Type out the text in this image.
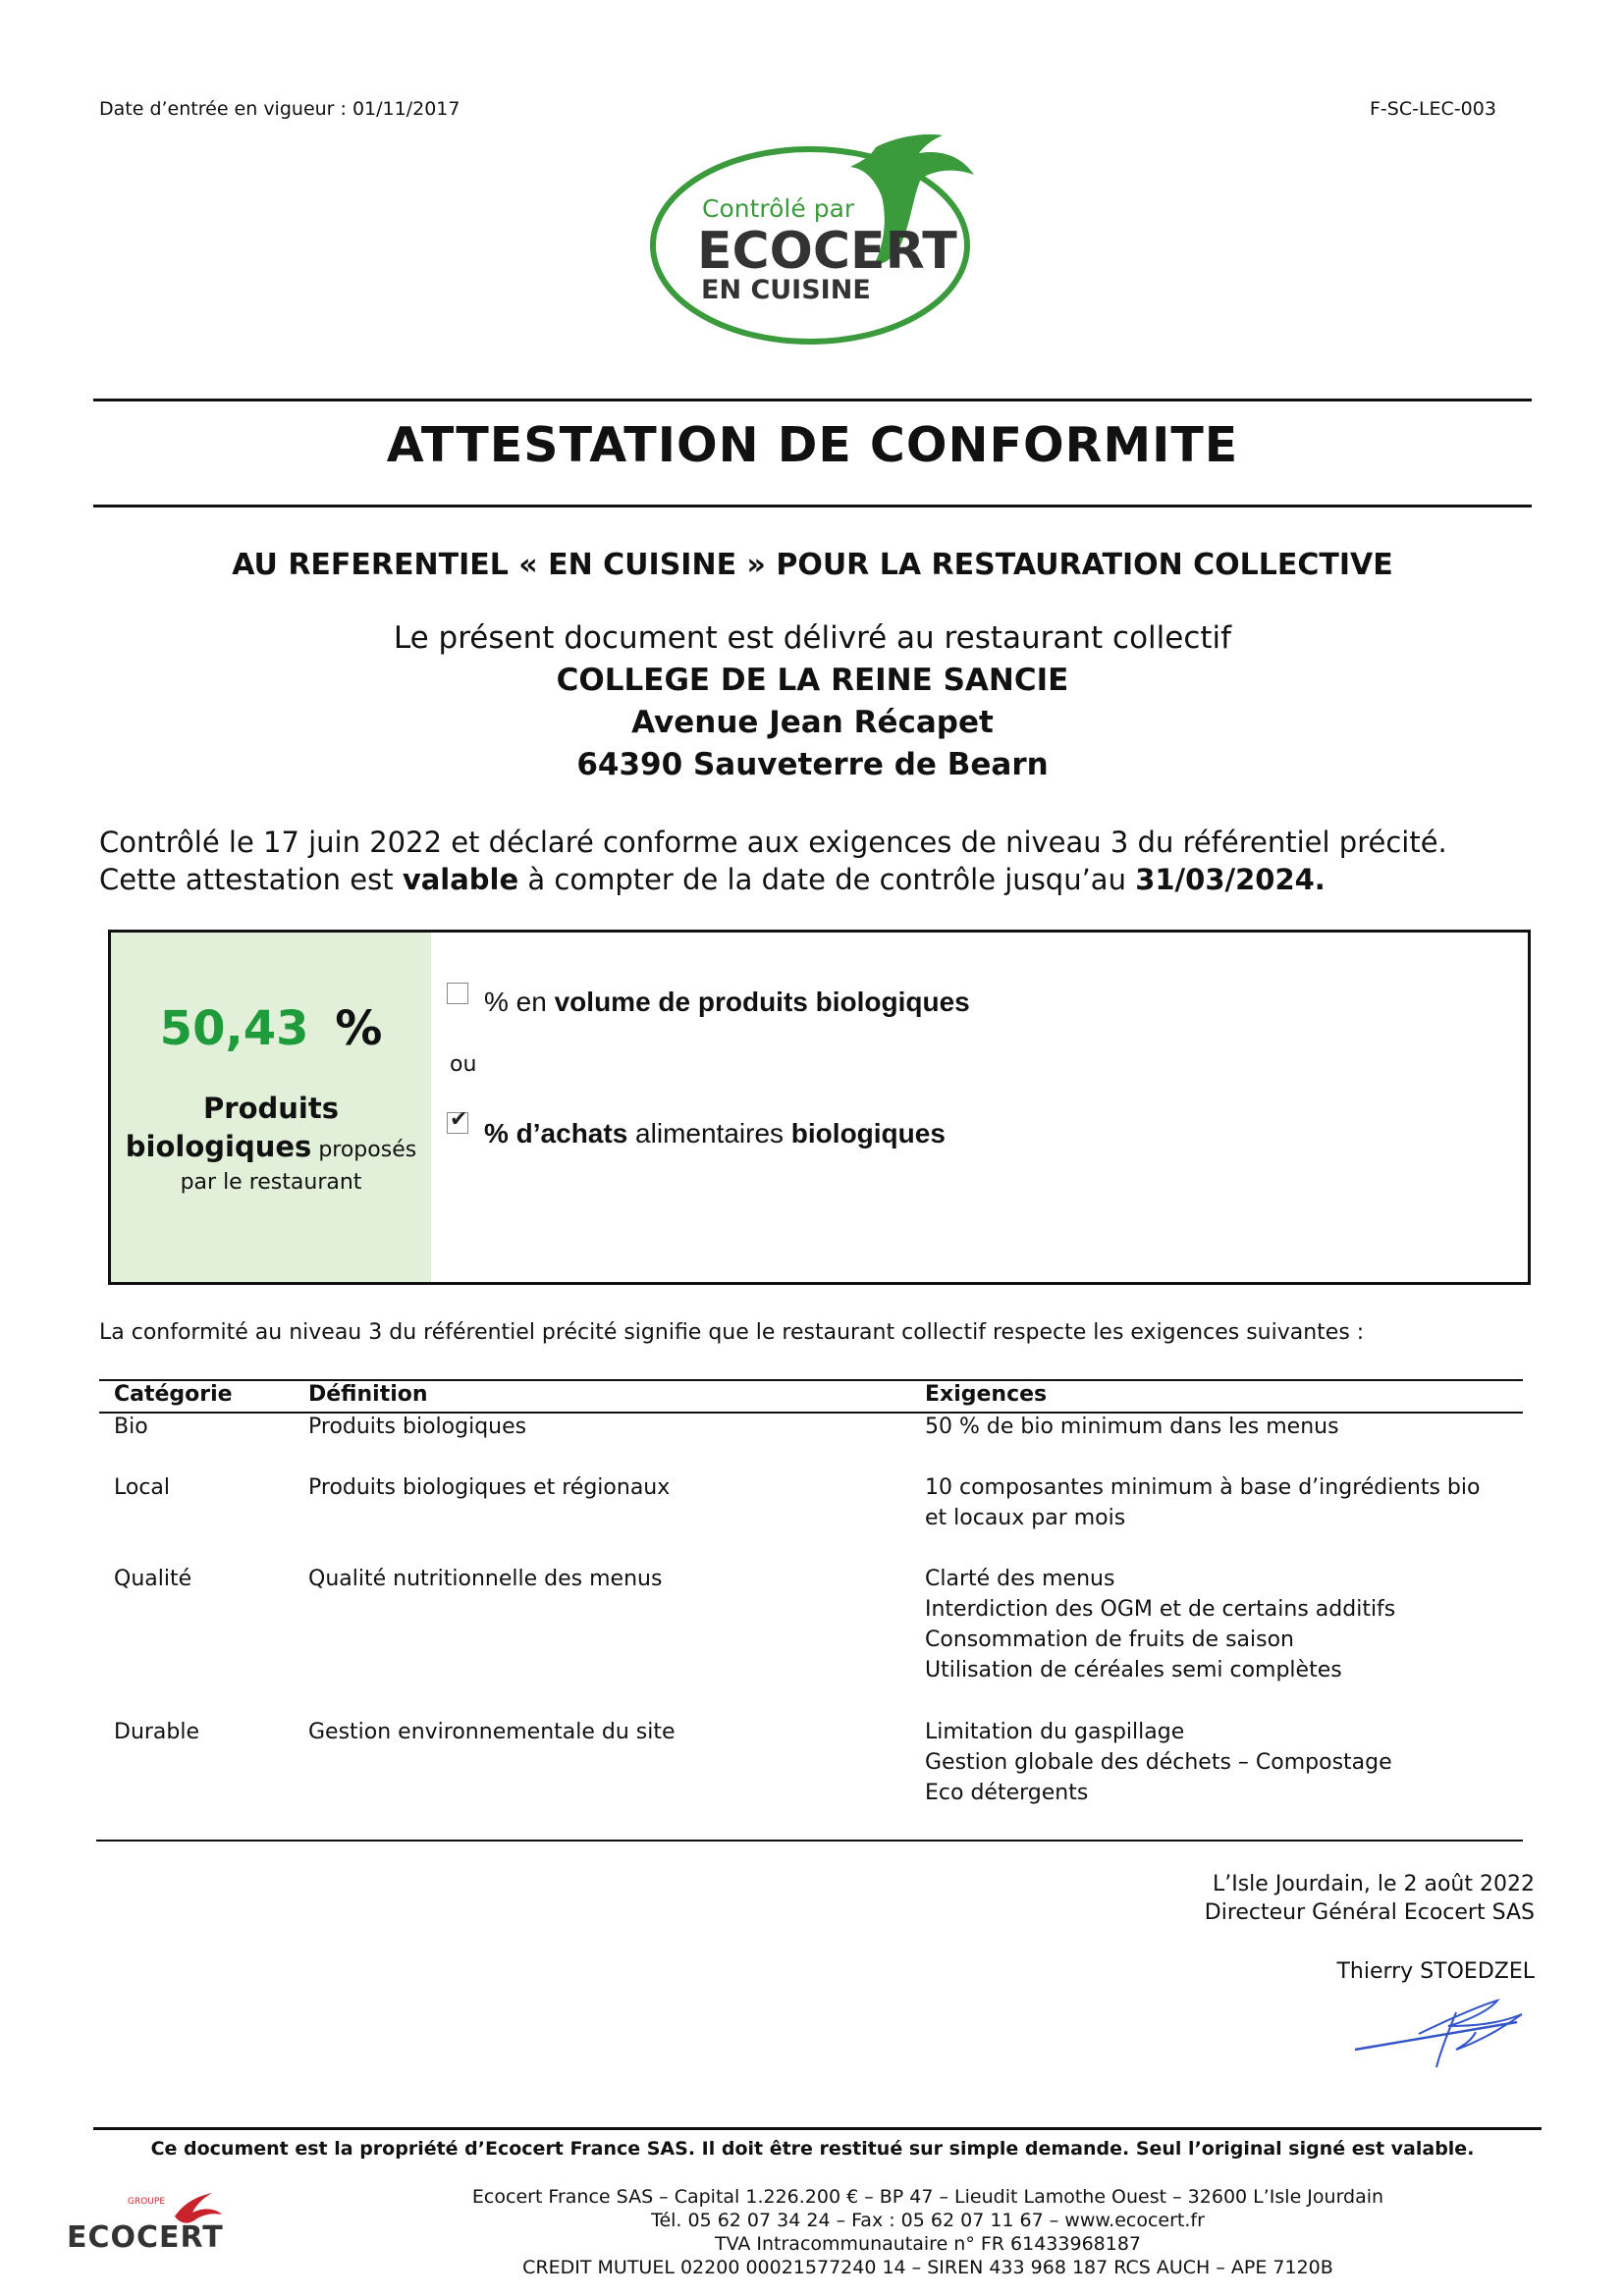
Date d’entrée en vigueur : 01/11/2017	F-SC-LEC-003
Contrôlé par
ECOCERT
EN CUISINE
ATTESTATION DE CONFORMITE
AU REFERENTIEL « EN CUISINE » POUR LA RESTAURATION COLLECTIVE
Le présent document est délivré au restaurant collectif
COLLEGE DE LA REINE SANCIE
Avenue Jean Récapet
64390 Sauveterre de Bearn
Contrôlé le 17 juin 2022 et déclaré conforme aux exigences de niveau 3 du référentiel précité.
Cette attestation est valable à compter de la date de contrôle jusqu’au 31/03/2024.
50,43 %
Produits
biologiques proposés
par le restaurant
% en volume de produits biologiques
ou
✔ % d’achats alimentaires biologiques
La conformité au niveau 3 du référentiel précité signifie que le restaurant collectif respecte les exigences suivantes :
Catégorie	Définition	Exigences
Bio	Produits biologiques	50 % de bio minimum dans les menus
Local	Produits biologiques et régionaux	10 composantes minimum à base d’ingrédients bio
et locaux par mois
Qualité	Qualité nutritionnelle des menus	Clarté des menus
Interdiction des OGM et de certains additifs
Consommation de fruits de saison
Utilisation de céréales semi complètes
Durable	Gestion environnementale du site	Limitation du gaspillage
Gestion globale des déchets – Compostage
Eco détergents
L’Isle Jourdain, le 2 août 2022
Directeur Général Ecocert SAS
Thierry STOEDZEL
Ce document est la propriété d’Ecocert France SAS. Il doit être restitué sur simple demande. Seul l’original signé est valable.
GROUPE
ECOCERT
Ecocert France SAS – Capital 1.226.200 € – BP 47 – Lieudit Lamothe Ouest – 32600 L’Isle Jourdain
Tél. 05 62 07 34 24 – Fax : 05 62 07 11 67 – www.ecocert.fr
TVA Intracommunautaire n° FR 61433968187
CREDIT MUTUEL 02200 00021577240 14 – SIREN 433 968 187 RCS AUCH – APE 7120B
